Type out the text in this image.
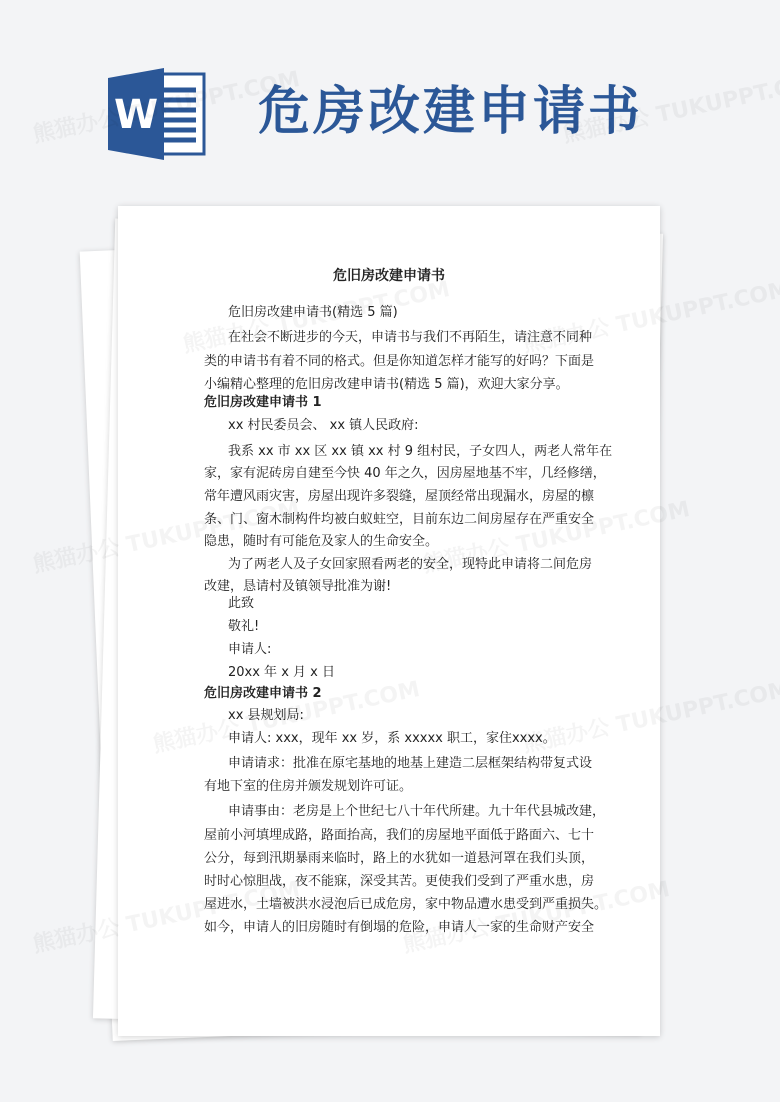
W 危房改建申请书
危旧房改建申请书
危旧房改建申请书(精选 5 篇)
在社会不断进步的今天，申请书与我们不再陌生，请注意不同种
类的申请书有着不同的格式。但是你知道怎样才能写的好吗？下面是
小编精心整理的危旧房改建申请书(精选 5 篇)，欢迎大家分享。
危旧房改建申请书 1
xx 村民委员会、 xx 镇人民政府:
我系 xx 市 xx 区 xx 镇 xx 村 9 组村民，子女四人，两老人常年在
家，家有泥砖房自建至今快 40 年之久，因房屋地基不牢，几经修缮，
常年遭风雨灾害，房屋出现许多裂缝，屋顶经常出现漏水，房屋的檩
条、门、窗木制构件均被白蚁蛀空，目前东边二间房屋存在严重安全
隐患，随时有可能危及家人的生命安全。
为了两老人及子女回家照看两老的安全，现特此申请将二间危房
改建，恳请村及镇领导批准为谢!
此致
敬礼!
申请人:
20xx 年 x 月 x 日
危旧房改建申请书 2
xx 县规划局:
申请人: xxx，现年 xx 岁，系 xxxxx 职工，家住xxxx。
申请请求：批准在原宅基地的地基上建造二层框架结构带复式设
有地下室的住房并颁发规划许可证。
申请事由：老房是上个世纪七八十年代所建。九十年代县城改建，
屋前小河填埋成路，路面抬高，我们的房屋地平面低于路面六、七十
公分，每到汛期暴雨来临时，路上的水犹如一道悬河罩在我们头顶，
时时心惊胆战，夜不能寐，深受其苦。更使我们受到了严重水患，房
屋进水，土墙被洪水浸泡后已成危房，家中物品遭水患受到严重损失。
如今，申请人的旧房随时有倒塌的危险，申请人一家的生命财产安全
